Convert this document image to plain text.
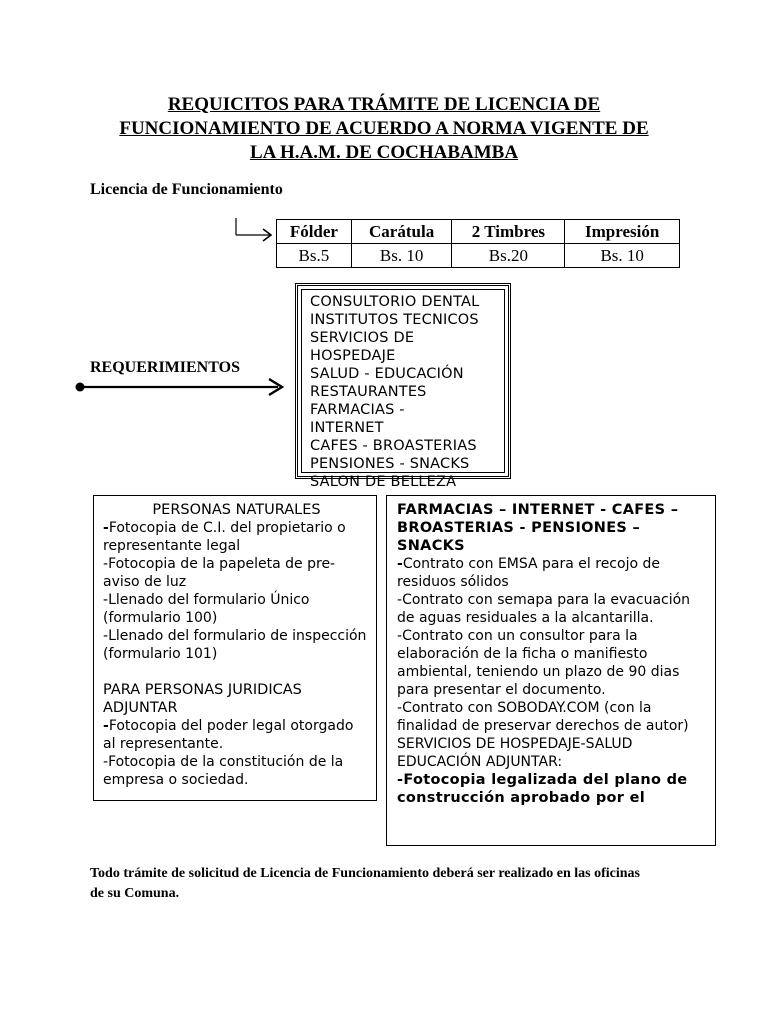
REQUICITOS PARA TRÁMITE DE LICENCIA DE
FUNCIONAMIENTO DE ACUERDO A NORMA VIGENTE DE
LA H.A.M. DE COCHABAMBA
Licencia de Funcionamiento
Fólder	Carátula	2 Timbres	Impresión
Bs.5	Bs. 10	Bs.20	Bs. 10
REQUERIMIENTOS
CONSULTORIO DENTAL
INSTITUTOS TECNICOS
SERVICIOS DE
HOSPEDAJE
SALUD - EDUCACIÓN
RESTAURANTES
FARMACIAS -
INTERNET
CAFES - BROASTERIAS
PENSIONES - SNACKS
SALON DE BELLEZA
PERSONAS NATURALES
-Fotocopia de C.I. del propietario o representante legal
-Fotocopia de la papeleta de pre-aviso de luz
-Llenado del formulario Único (formulario 100)
-Llenado del formulario de inspección (formulario 101)
PARA PERSONAS JURIDICAS ADJUNTAR
-Fotocopia del poder legal otorgado al representante.
-Fotocopia de la constitución de la empresa o sociedad.
FARMACIAS – INTERNET - CAFES – BROASTERIAS - PENSIONES – SNACKS
-Contrato con EMSA para el recojo de residuos sólidos
-Contrato con semapa para la evacuación de aguas residuales a la alcantarilla.
-Contrato con un consultor para la elaboración de la ficha o manifiesto ambiental, teniendo un plazo de 90 dias para presentar el documento.
-Contrato con SOBODAY.COM (con la finalidad de preservar derechos de autor)
SERVICIOS DE HOSPEDAJE-SALUD EDUCACIÓN ADJUNTAR:
-Fotocopia legalizada del plano de construcción aprobado por el
Todo trámite de solicitud de Licencia de Funcionamiento deberá ser realizado en las oficinas de su Comuna.
